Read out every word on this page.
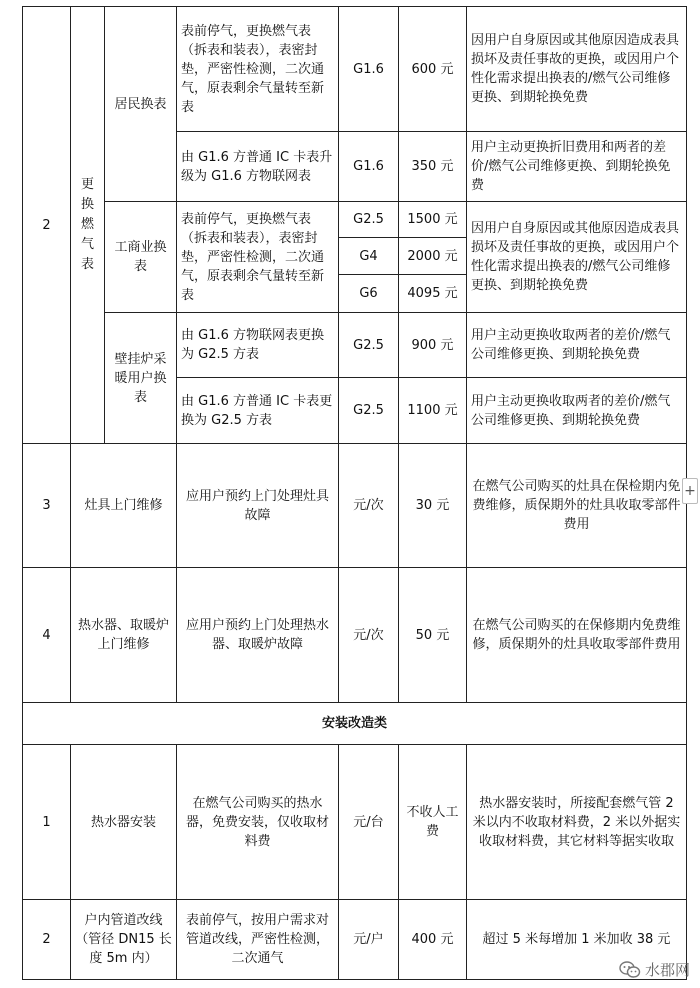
2	更换燃气表	居民换表	表前停气，更换燃气表（拆表和装表），表密封垫，严密性检测，二次通气，原表剩余气量转至新表	G1.6	600 元	因用户自身原因或其他原因造成表具损坏及责任事故的更换，或因用户个性化需求提出换表的/燃气公司维修更换、到期轮换免费
			由 G1.6 方普通 IC 卡表升级为 G1.6 方物联网表	G1.6	350 元	用户主动更换折旧费用和两者的差价/燃气公司维修更换、到期轮换免费
		工商业换表	表前停气，更换燃气表（拆表和装表），表密封垫，严密性检测，二次通气，原表剩余气量转至新表	G2.5	1500 元	因用户自身原因或其他原因造成表具损坏及责任事故的更换，或因用户个性化需求提出换表的/燃气公司维修更换、到期轮换免费
				G4	2000 元	
				G6	4095 元	
		壁挂炉采暖用户换表	由 G1.6 方物联网表更换为 G2.5 方表	G2.5	900 元	用户主动更换收取两者的差价/燃气公司维修更换、到期轮换免费
			由 G1.6 方普通 IC 卡表更换为 G2.5 方表	G2.5	1100 元	用户主动更换收取两者的差价/燃气公司维修更换、到期轮换免费
3	灶具上门维修		应用户预约上门处理灶具故障	元/次	30 元	在燃气公司购买的灶具在保检期内免费维修，质保期外的灶具收取零部件费用
4	热水器、取暖炉上门维修		应用户预约上门处理热水器、取暖炉故障	元/次	50 元	在燃气公司购买的在保修期内免费维修，质保期外的灶具收取零部件费用
安装改造类						
1	热水器安装		在燃气公司购买的热水器，免费安装，仅收取材料费	元/台	不收人工费	热水器安装时，所接配套燃气管 2 米以内不收取材料费，2 米以外据实收取材料费，其它材料等据实收取
2	户内管道改线（管径 DN15 长度 5m 内）		表前停气，按用户需求对管道改线，严密性检测，二次通气	元/户	400 元	超过 5 米每增加 1 米加收 38 元
+
水郡网
